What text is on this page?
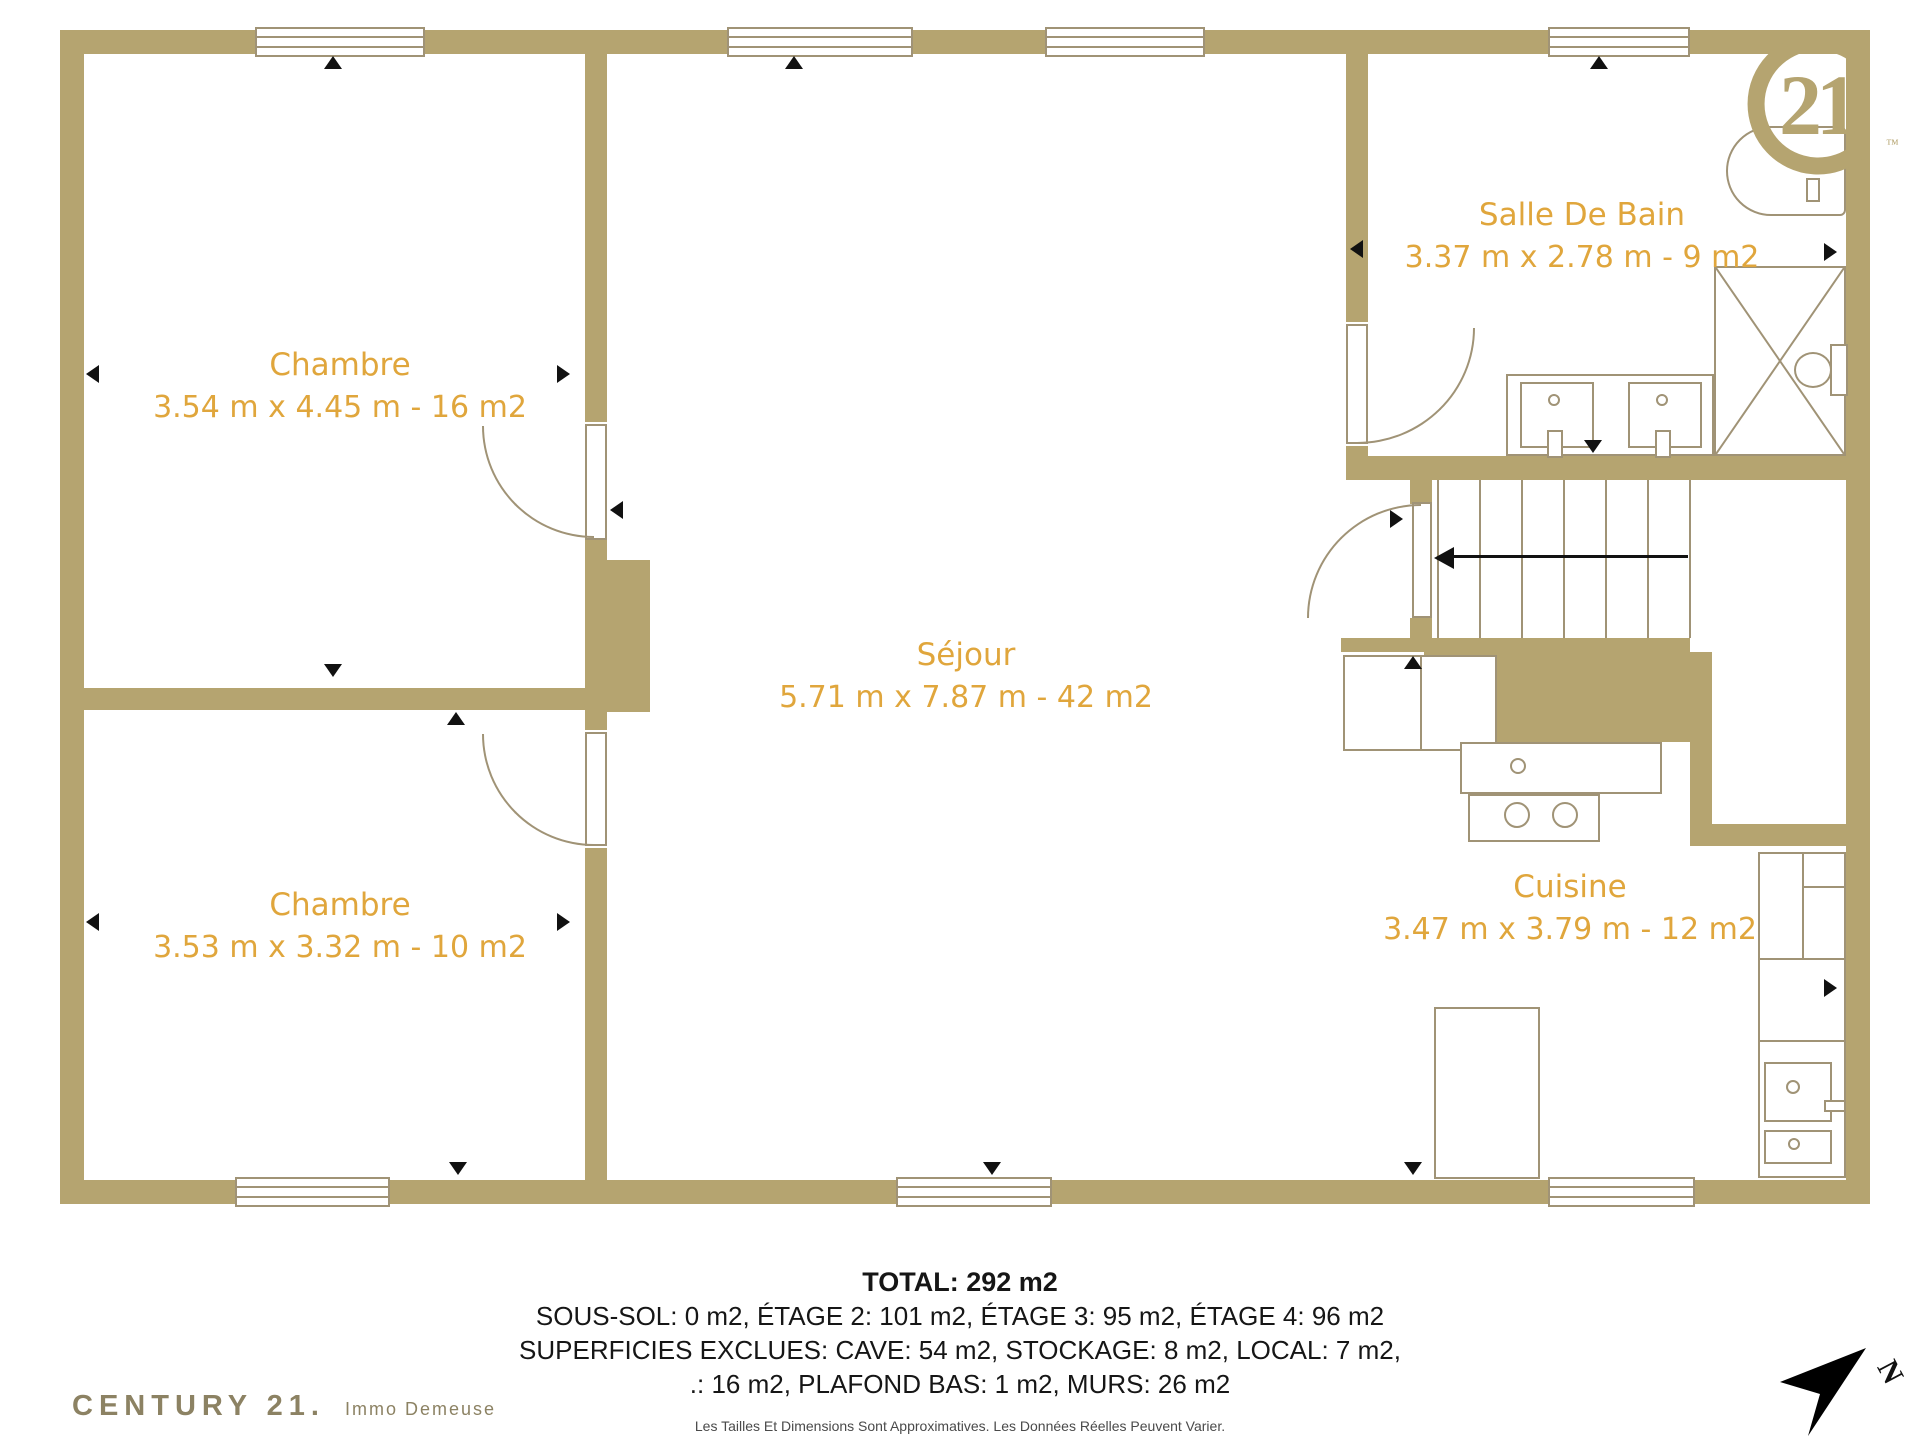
Chambre
3.54 m x 4.45 m - 16 m2
Chambre
3.53 m x 3.32 m - 10 m2
Séjour
5.71 m x 7.87 m - 42 m2
Salle De Bain
3.37 m x 2.78 m - 9 m2
Cuisine
3.47 m x 3.79 m - 12 m2
21	™
TOTAL: 292 m2
SOUS-SOL: 0 m2, ÉTAGE 2: 101 m2, ÉTAGE 3: 95 m2, ÉTAGE 4: 96 m2
SUPERFICIES EXCLUES: CAVE: 54 m2, STOCKAGE: 8 m2, LOCAL: 7 m2,
.: 16 m2, PLAFOND BAS: 1 m2, MURS: 26 m2
Les Tailles Et Dimensions Sont Approximatives. Les Données Réelles Peuvent Varier.
CENTURY 21. Immo Demeuse
N
